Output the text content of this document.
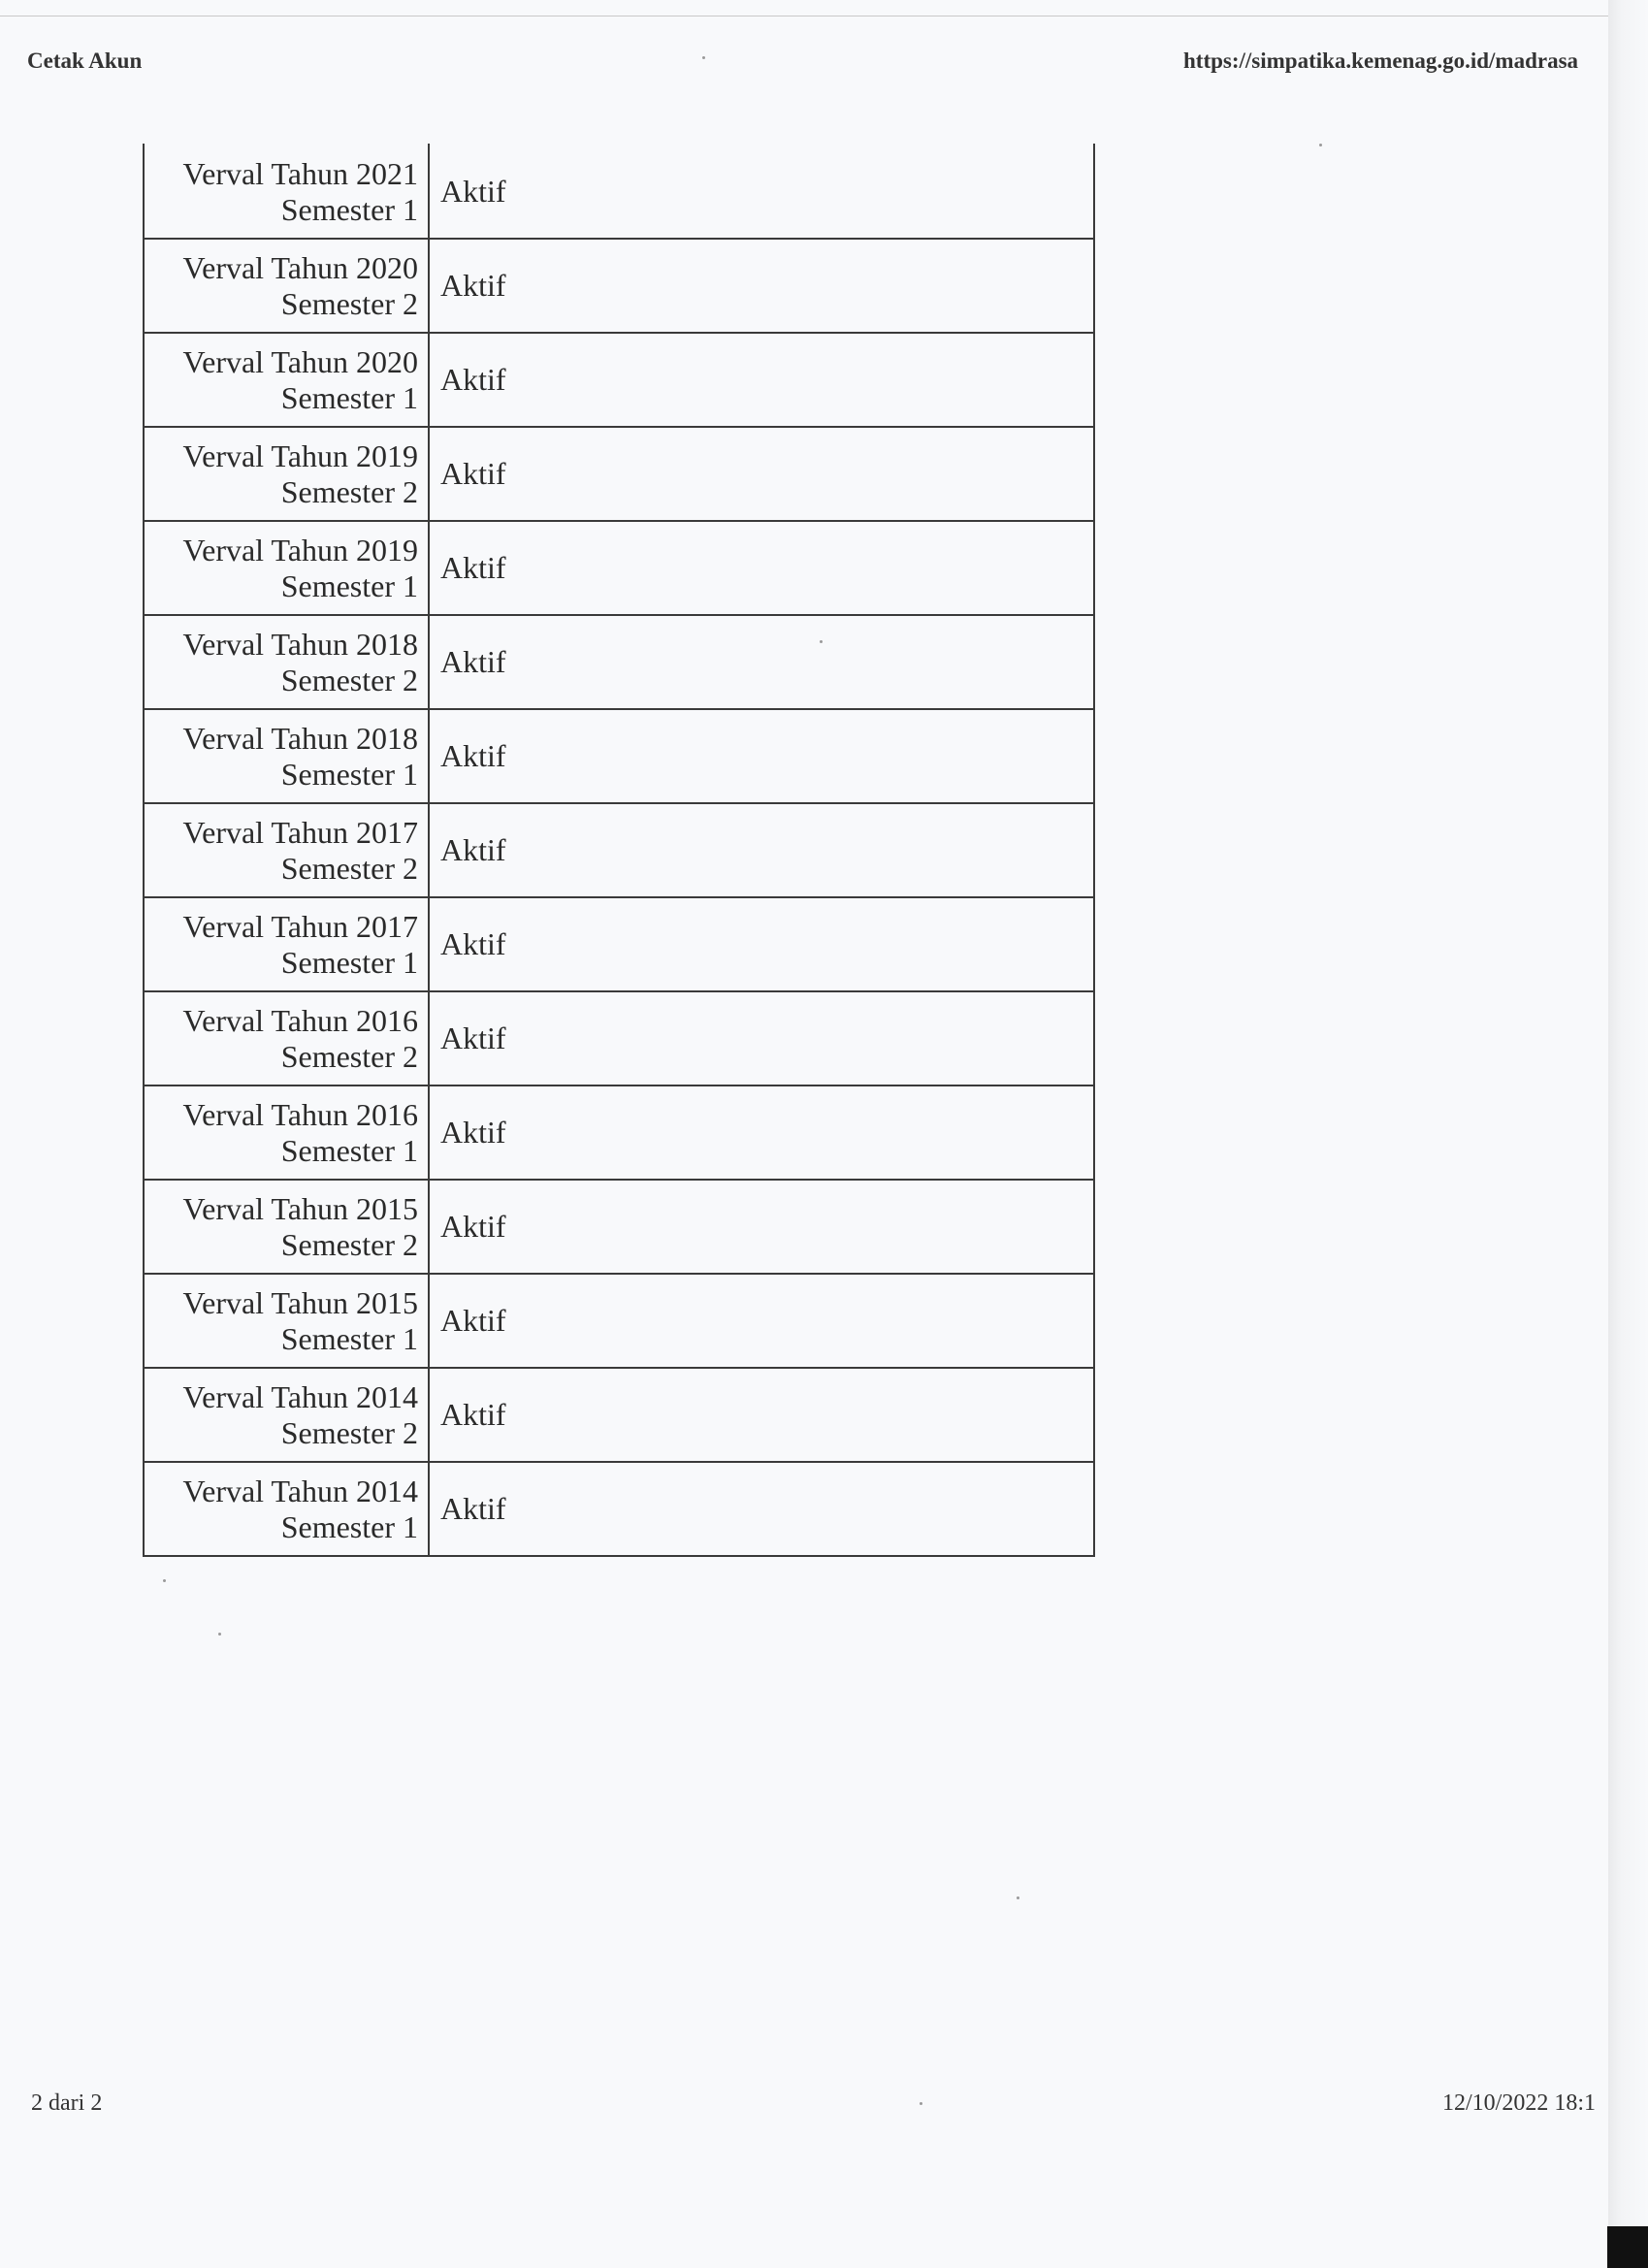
Cetak Akun	https://simpatika.kemenag.go.id/madrasa
Verval Tahun 2021
Semester 1	Aktif

Verval Tahun 2020
Semester 2	Aktif

Verval Tahun 2020
Semester 1	Aktif

Verval Tahun 2019
Semester 2	Aktif

Verval Tahun 2019
Semester 1	Aktif

Verval Tahun 2018
Semester 2	Aktif

Verval Tahun 2018
Semester 1	Aktif

Verval Tahun 2017
Semester 2	Aktif

Verval Tahun 2017
Semester 1	Aktif

Verval Tahun 2016
Semester 2	Aktif

Verval Tahun 2016
Semester 1	Aktif

Verval Tahun 2015
Semester 2	Aktif

Verval Tahun 2015
Semester 1	Aktif

Verval Tahun 2014
Semester 2	Aktif

Verval Tahun 2014
Semester 1	Aktif
2 dari 2	12/10/2022 18:1
